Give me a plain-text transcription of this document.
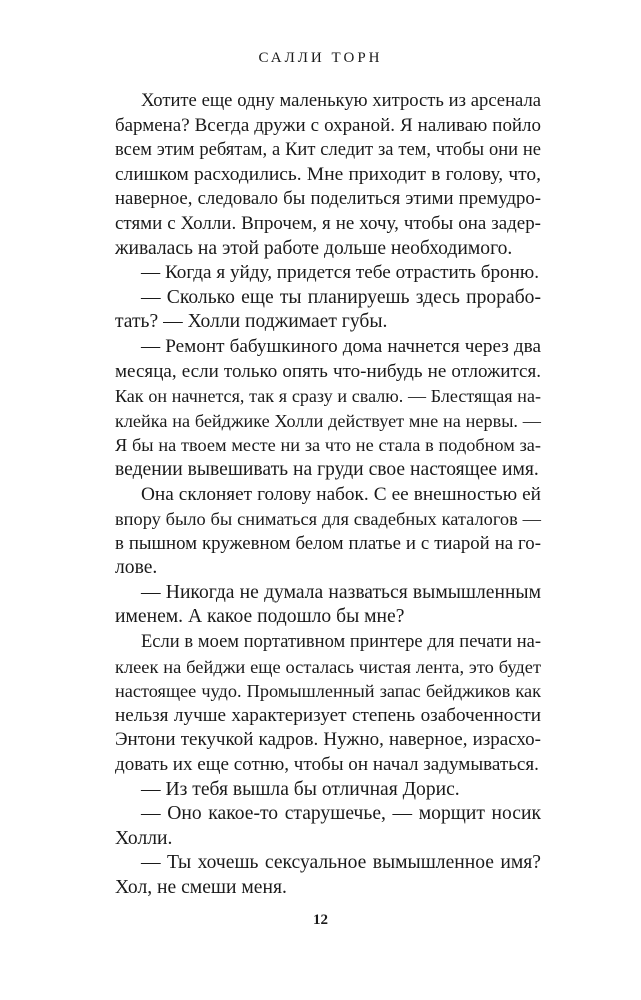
САЛЛИ ТОРН
Хотите еще одну маленькую хитрость из арсенала
бармена? Всегда дружи с охраной. Я наливаю пойло
всем этим ребятам, а Кит следит за тем, чтобы они не
слишком расходились. Мне приходит в голову, что,
наверное, следовало бы поделиться этими премудро-
стями с Холли. Впрочем, я не хочу, чтобы она задер-
живалась на этой работе дольше необходимого.
— Когда я уйду, придется тебе отрастить броню.
— Сколько еще ты планируешь здесь прорабо-
тать? — Холли поджимает губы.
— Ремонт бабушкиного дома начнется через два
месяца, если только опять что-нибудь не отложится.
Как он начнется, так я сразу и свалю. — Блестящая на-
клейка на бейджике Холли действует мне на нервы. —
Я бы на твоем месте ни за что не стала в подобном за-
ведении вывешивать на груди свое настоящее имя.
Она склоняет голову набок. С ее внешностью ей
впору было бы сниматься для свадебных каталогов —
в пышном кружевном белом платье и с тиарой на го-
лове.
— Никогда не думала назваться вымышленным
именем. А какое подошло бы мне?
Если в моем портативном принтере для печати на-
клеек на бейджи еще осталась чистая лента, это будет
настоящее чудо. Промышленный запас бейджиков как
нельзя лучше характеризует степень озабоченности
Энтони текучкой кадров. Нужно, наверное, израсхо-
довать их еще сотню, чтобы он начал задумываться.
— Из тебя вышла бы отличная Дорис.
— Оно какое-то старушечье, — морщит носик
Холли.
— Ты хочешь сексуальное вымышленное имя?
Хол, не смеши меня.
12
